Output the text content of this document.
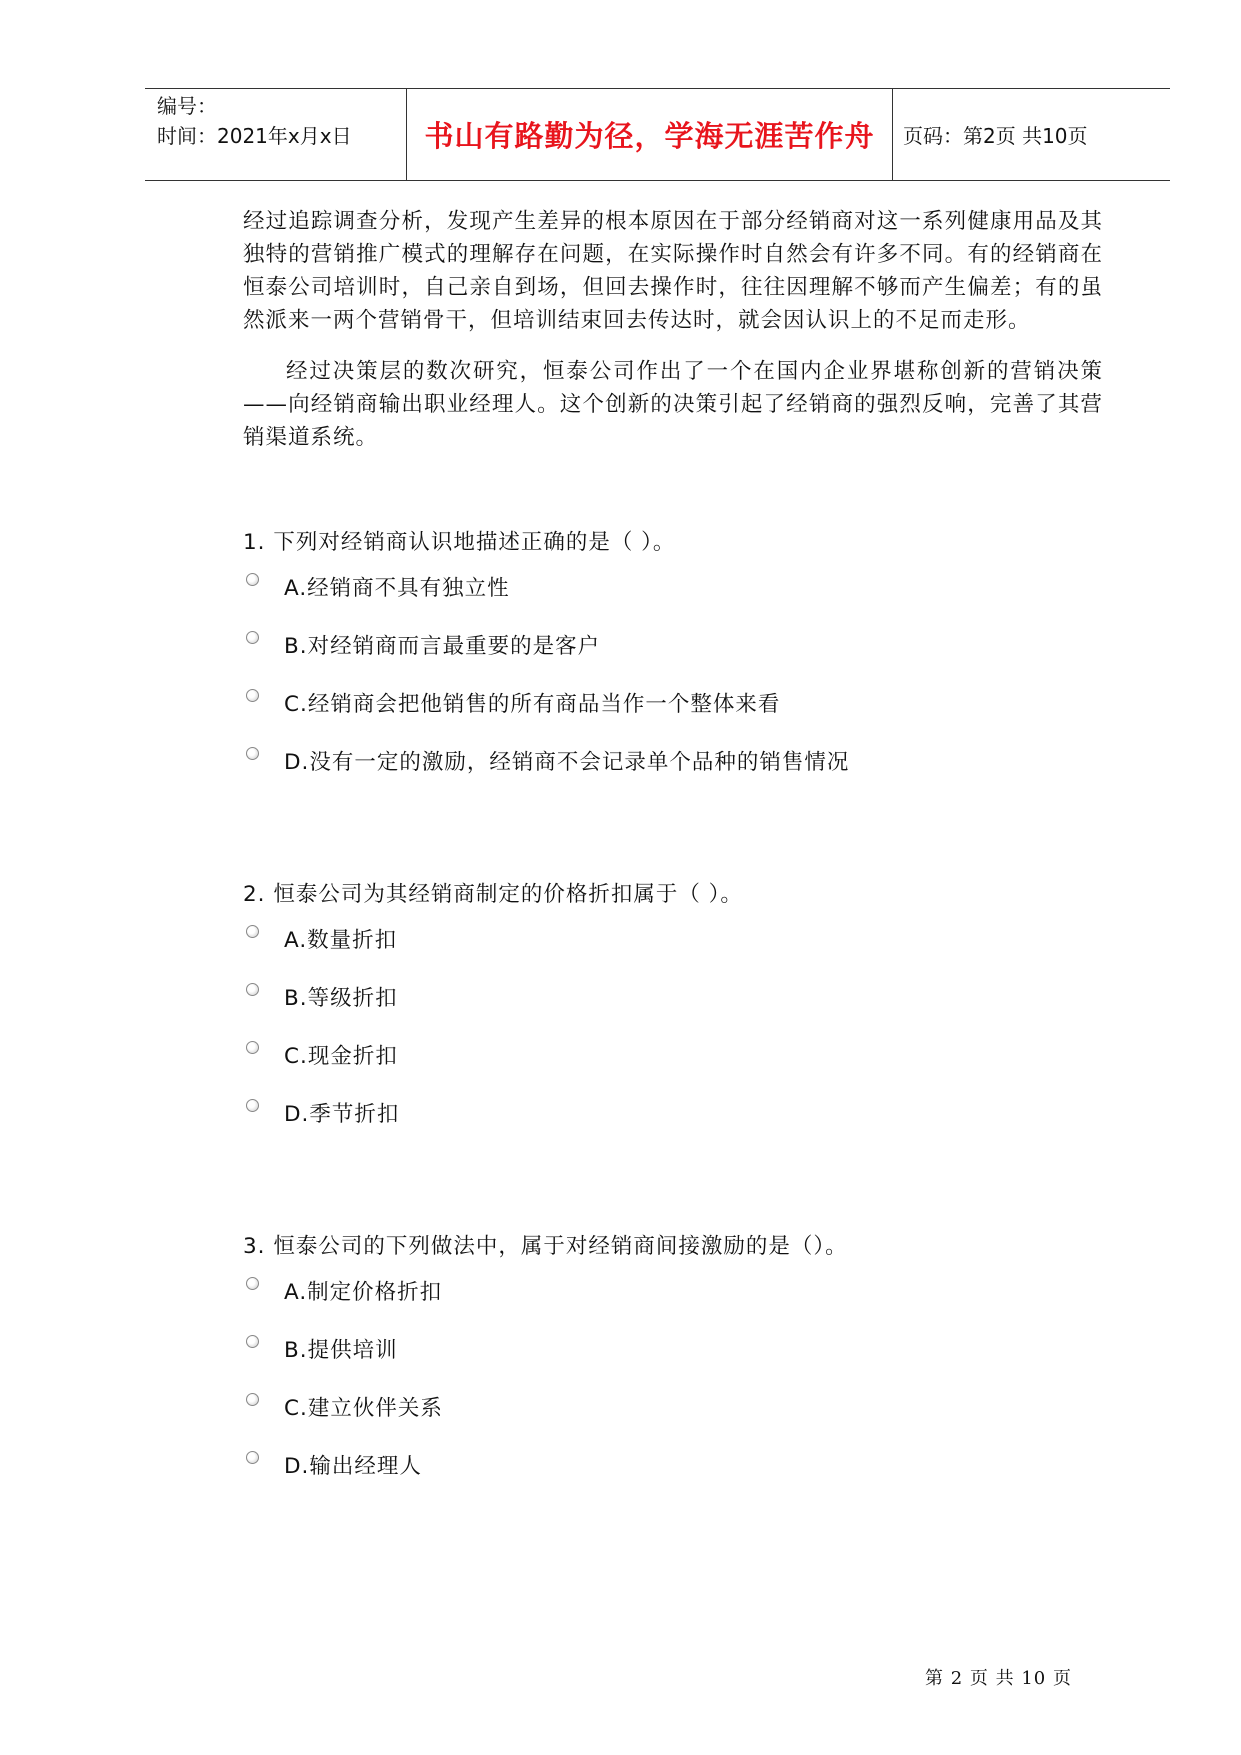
编号：
时间：2021年x月x日	书山有路勤为径，学海无涯苦作舟	页码：第2页 共10页

经过追踪调查分析，发现产生差异的根本原因在于部分经销商对这一系列健康用品及其独特的营销推广模式的理解存在问题，在实际操作时自然会有许多不同。有的经销商在恒泰公司培训时，自己亲自到场，但回去操作时，往往因理解不够而产生偏差；有的虽然派来一两个营销骨干，但培训结束回去传达时，就会因认识上的不足而走形。

经过决策层的数次研究，恒泰公司作出了一个在国内企业界堪称创新的营销决策——向经销商输出职业经理人。这个创新的决策引起了经销商的强烈反响，完善了其营销渠道系统。

1. 下列对经销商认识地描述正确的是（ ）。
A.经销商不具有独立性
B.对经销商而言最重要的是客户
C.经销商会把他销售的所有商品当作一个整体来看
D.没有一定的激励，经销商不会记录单个品种的销售情况
2. 恒泰公司为其经销商制定的价格折扣属于（ ）。
A.数量折扣
B.等级折扣
C.现金折扣
D.季节折扣
3. 恒泰公司的下列做法中，属于对经销商间接激励的是（）。
A.制定价格折扣
B.提供培训
C.建立伙伴关系
D.输出经理人
第 2 页 共 10 页
